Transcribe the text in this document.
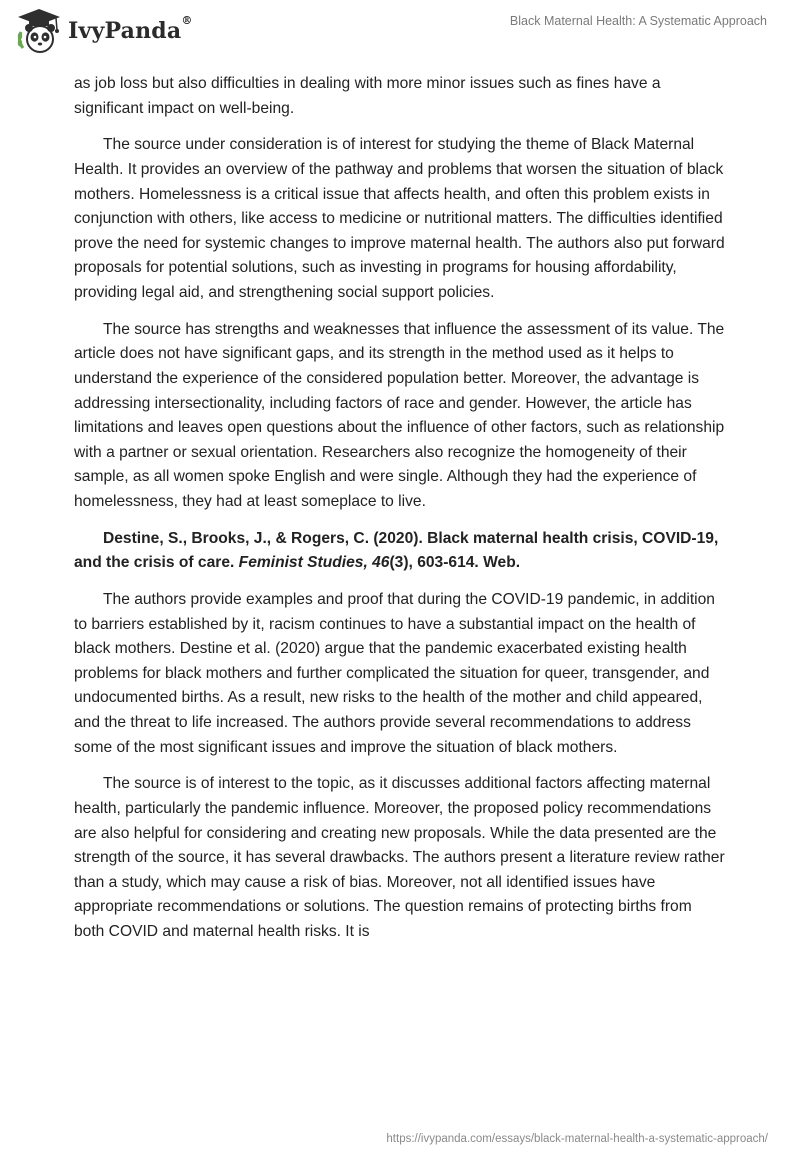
IvyPanda®	Black Maternal Health: A Systematic Approach

as job loss but also difficulties in dealing with more minor issues such as fines have a significant impact on well-being.

The source under consideration is of interest for studying the theme of Black Maternal Health. It provides an overview of the pathway and problems that worsen the situation of black mothers. Homelessness is a critical issue that affects health, and often this problem exists in conjunction with others, like access to medicine or nutritional matters. The difficulties identified prove the need for systemic changes to improve maternal health. The authors also put forward proposals for potential solutions, such as investing in programs for housing affordability, providing legal aid, and strengthening social support policies.

The source has strengths and weaknesses that influence the assessment of its value. The article does not have significant gaps, and its strength in the method used as it helps to understand the experience of the considered population better. Moreover, the advantage is addressing intersectionality, including factors of race and gender. However, the article has limitations and leaves open questions about the influence of other factors, such as relationship with a partner or sexual orientation. Researchers also recognize the homogeneity of their sample, as all women spoke English and were single. Although they had the experience of homelessness, they had at least someplace to live.

Destine, S., Brooks, J., & Rogers, C. (2020). Black maternal health crisis, COVID-19, and the crisis of care. Feminist Studies, 46(3), 603-614. Web.

The authors provide examples and proof that during the COVID-19 pandemic, in addition to barriers established by it, racism continues to have a substantial impact on the health of black mothers. Destine et al. (2020) argue that the pandemic exacerbated existing health problems for black mothers and further complicated the situation for queer, transgender, and undocumented births. As a result, new risks to the health of the mother and child appeared, and the threat to life increased. The authors provide several recommendations to address some of the most significant issues and improve the situation of black mothers.

The source is of interest to the topic, as it discusses additional factors affecting maternal health, particularly the pandemic influence. Moreover, the proposed policy recommendations are also helpful for considering and creating new proposals. While the data presented are the strength of the source, it has several drawbacks. The authors present a literature review rather than a study, which may cause a risk of bias. Moreover, not all identified issues have appropriate recommendations or solutions. The question remains of protecting births from both COVID and maternal health risks. It is

https://ivypanda.com/essays/black-maternal-health-a-systematic-approach/
